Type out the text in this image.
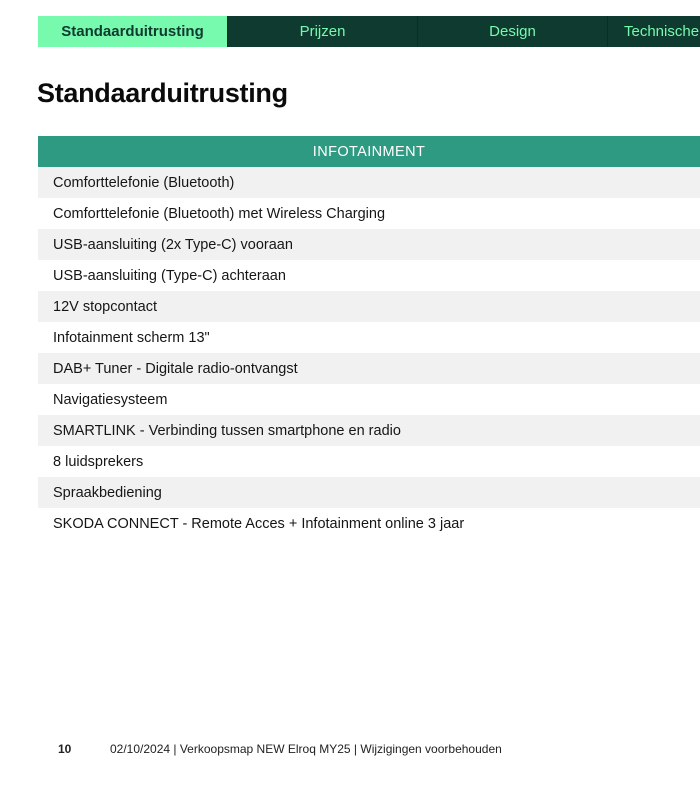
Standaarduitrusting	Prijzen	Design	Technische
Standaarduitrusting
INFOTAINMENT
Comforttelefonie (Bluetooth)
Comforttelefonie (Bluetooth) met Wireless Charging
USB-aansluiting (2x Type-C) vooraan
USB-aansluiting (Type-C) achteraan
12V stopcontact
Infotainment scherm 13"
DAB+ Tuner - Digitale radio-ontvangst
Navigatiesysteem
SMARTLINK - Verbinding tussen smartphone en radio
8 luidsprekers
Spraakbediening
SKODA CONNECT - Remote Acces + Infotainment online 3 jaar
10	02/10/2024 | Verkoopsmap NEW Elroq MY25 | Wijzigingen voorbehouden
